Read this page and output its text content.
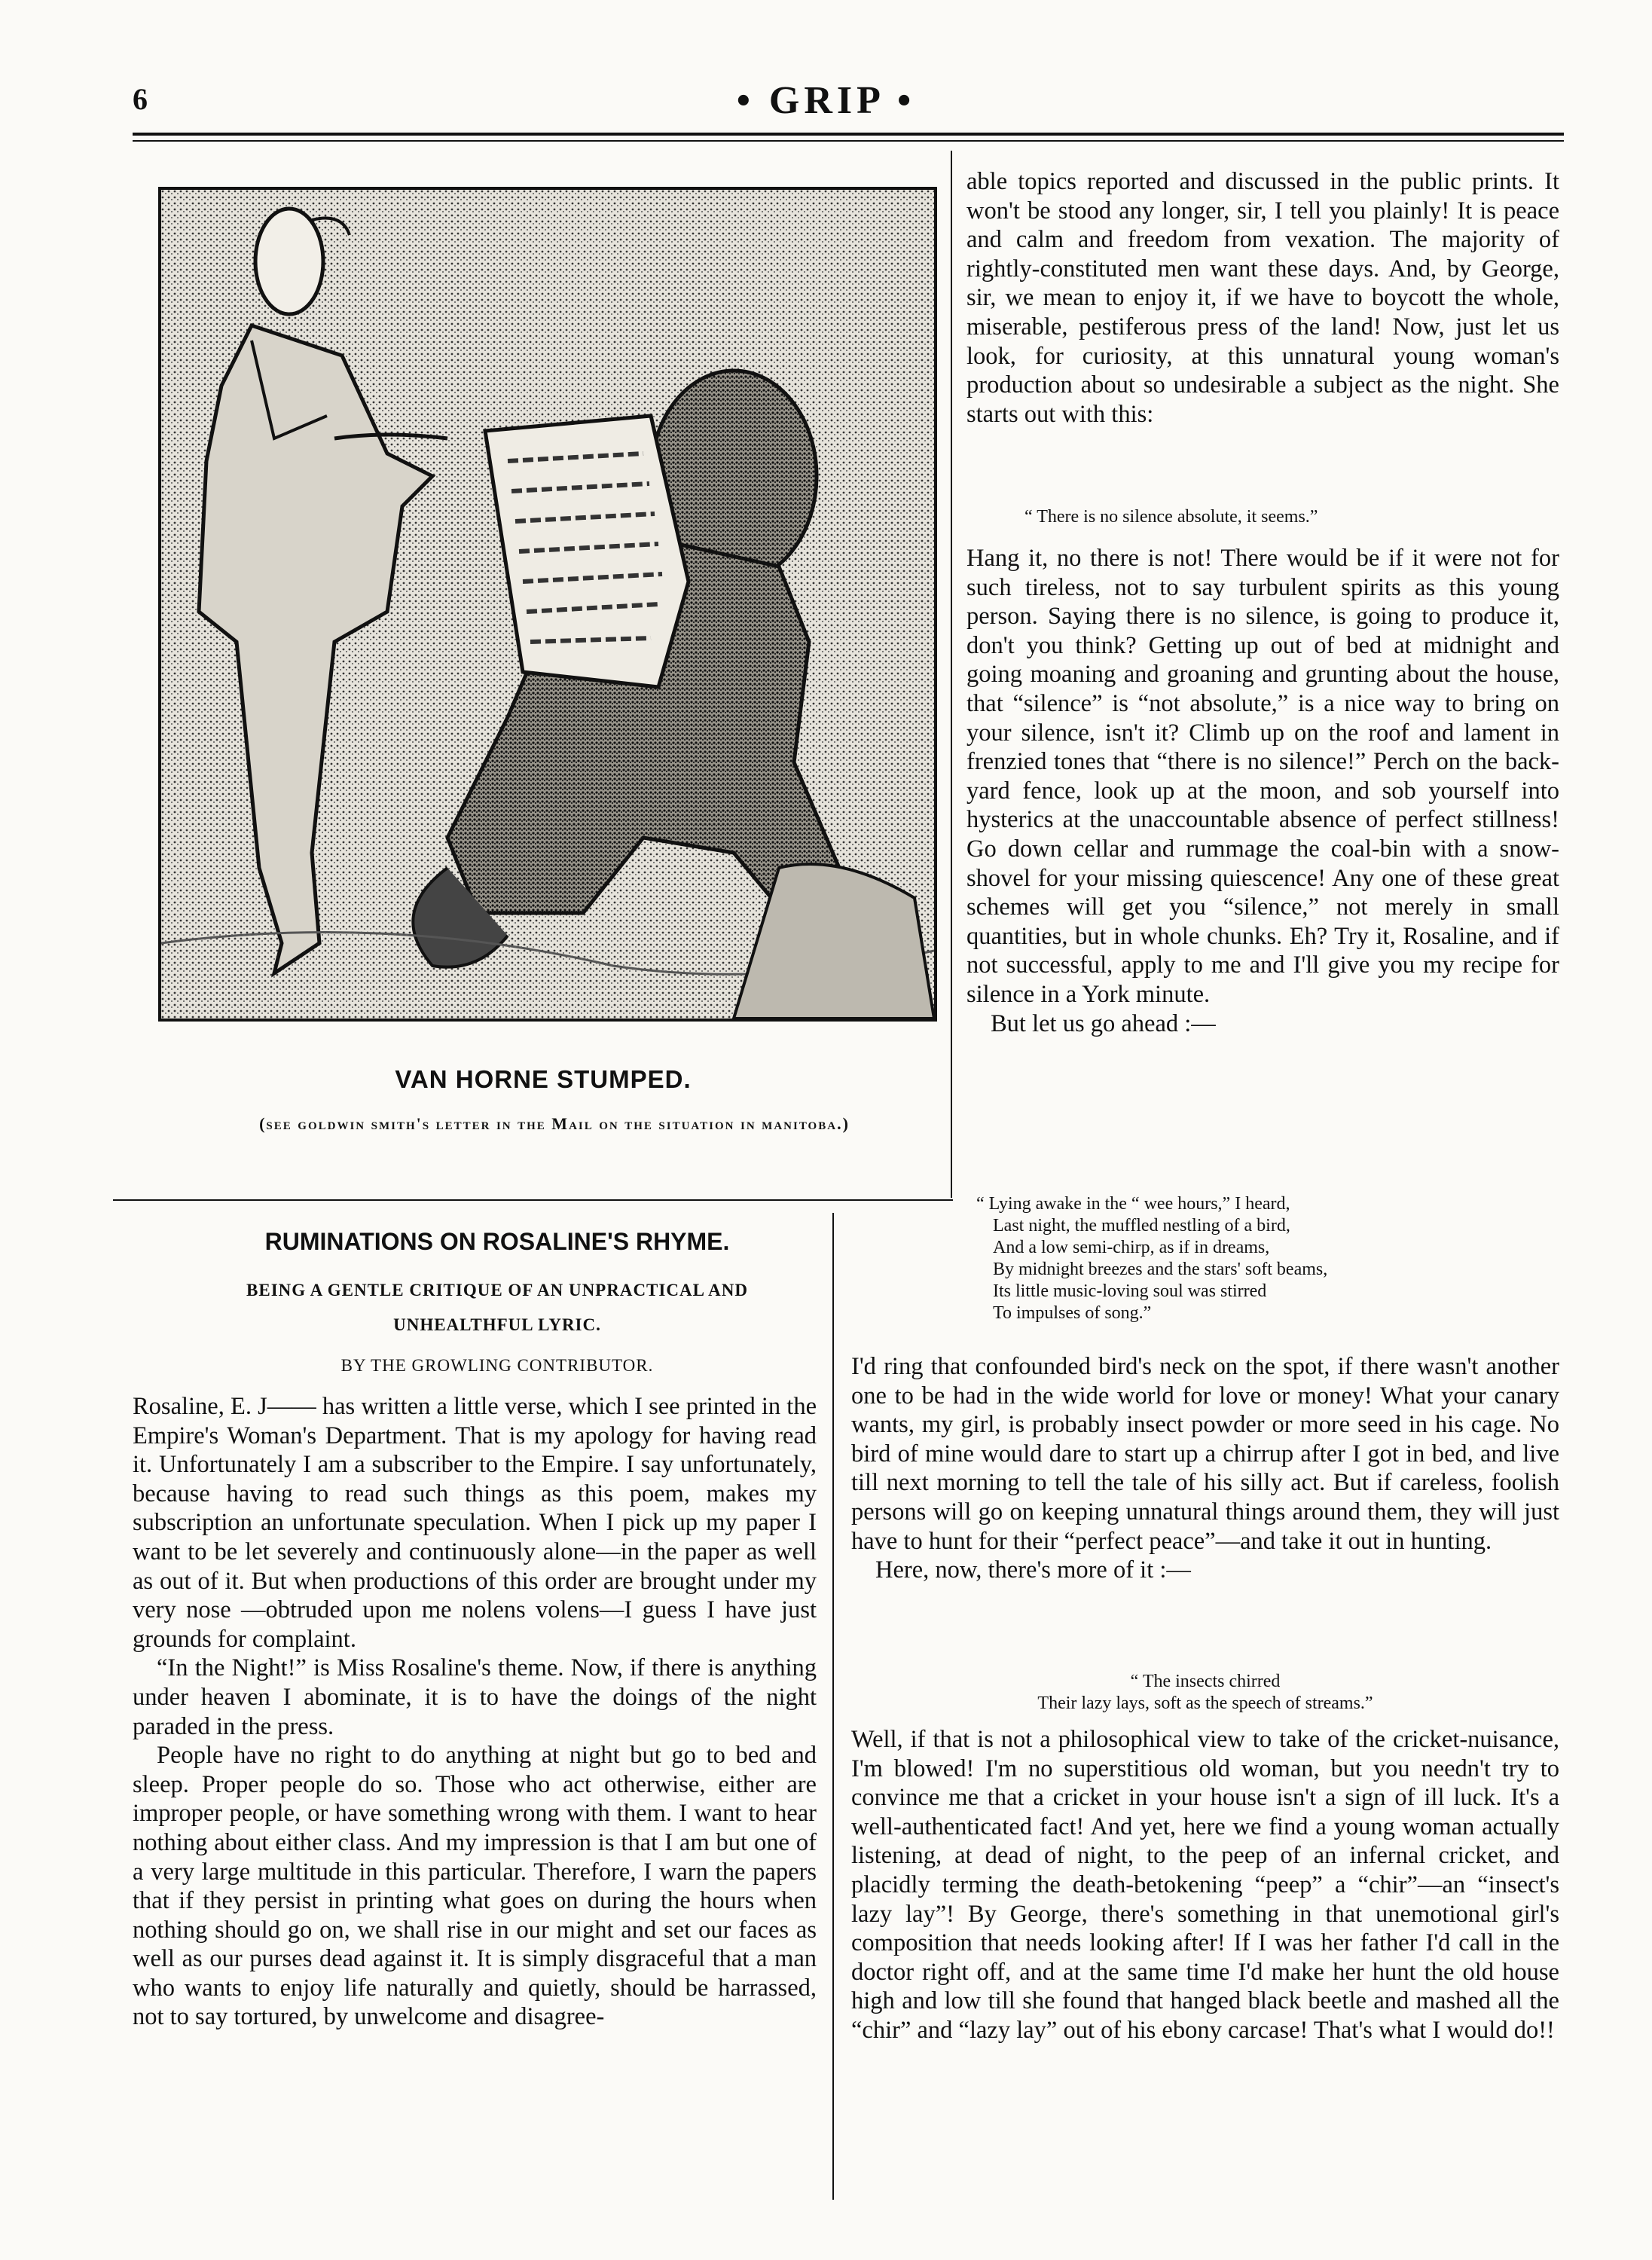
6	• GRIP •
VAN HORNE STUMPED.
(see goldwin smith's letter in the Mail on the situation in manitoba.)
RUMINATIONS ON ROSALINE'S RHYME.
BEING A GENTLE CRITIQUE OF AN UNPRACTICAL AND
UNHEALTHFUL LYRIC.
BY THE GROWLING CONTRIBUTOR.

Rosaline, E. J—— has written a little verse, which I see printed in the Empire's Woman's Department. That is my apology for having read it. Unfortunately I am a subscriber to the Empire. I say unfortunately, because having to read such things as this poem, makes my subscription an unfortunate speculation. When I pick up my paper I want to be let severely and continuously alone—in the paper as well as out of it. But when productions of this order are brought under my very nose —obtruded upon me nolens volens—I guess I have just grounds for complaint.

“In the Night!” is Miss Rosaline's theme. Now, if there is anything under heaven I abominate, it is to have the doings of the night paraded in the press.

People have no right to do anything at night but go to bed and sleep. Proper people do so. Those who act otherwise, either are improper people, or have something wrong with them. I want to hear nothing about either class. And my impression is that I am but one of a very large multitude in this particular. Therefore, I warn the papers that if they persist in printing what goes on during the hours when nothing should go on, we shall rise in our might and set our faces as well as our purses dead against it. It is simply disgraceful that a man who wants to enjoy life naturally and quietly, should be harrassed, not to say tortured, by unwelcome and disagree-

able topics reported and discussed in the public prints. It won't be stood any longer, sir, I tell you plainly! It is peace and calm and freedom from vexation. The majority of rightly-constituted men want these days. And, by George, sir, we mean to enjoy it, if we have to boycott the whole, miserable, pestiferous press of the land! Now, just let us look, for curiosity, at this unnatural young woman's production about so undesirable a subject as the night. She starts out with this:

“ There is no silence absolute, it seems.”

Hang it, no there is not! There would be if it were not for such tireless, not to say turbulent spirits as this young person. Saying there is no silence, is going to produce it, don't you think? Getting up out of bed at midnight and going moaning and groaning and grunting about the house, that “silence” is “not absolute,” is a nice way to bring on your silence, isn't it? Climb up on the roof and lament in frenzied tones that “there is no silence!” Perch on the back-yard fence, look up at the moon, and sob yourself into hysterics at the unaccountable absence of perfect stillness! Go down cellar and rummage the coal-bin with a snow-shovel for your missing quiescence! Any one of these great schemes will get you “silence,” not merely in small quantities, but in whole chunks. Eh? Try it, Rosaline, and if not successful, apply to me and I'll give you my recipe for silence in a York minute.

But let us go ahead :—

“ Lying awake in the “ wee hours,” I heard,
Last night, the muffled nestling of a bird,
And a low semi-chirp, as if in dreams,
By midnight breezes and the stars' soft beams,
Its little music-loving soul was stirred
To impulses of song.”

I'd ring that confounded bird's neck on the spot, if there wasn't another one to be had in the wide world for love or money! What your canary wants, my girl, is probably insect powder or more seed in his cage. No bird of mine would dare to start up a chirrup after I got in bed, and live till next morning to tell the tale of his silly act. But if careless, foolish persons will go on keeping unnatural things around them, they will just have to hunt for their “perfect peace”—and take it out in hunting.

Here, now, there's more of it :—

“ The insects chirred
Their lazy lays, soft as the speech of streams.”

Well, if that is not a philosophical view to take of the cricket-nuisance, I'm blowed! I'm no superstitious old woman, but you needn't try to convince me that a cricket in your house isn't a sign of ill luck. It's a well-authenticated fact! And yet, here we find a young woman actually listening, at dead of night, to the peep of an infernal cricket, and placidly terming the death-betokening “peep” a “chir”—an “insect's lazy lay”! By George, there's something in that unemotional girl's composition that needs looking after! If I was her father I'd call in the doctor right off, and at the same time I'd make her hunt the old house high and low till she found that hanged black beetle and mashed all the “chir” and “lazy lay” out of his ebony carcase! That's what I would do!!
